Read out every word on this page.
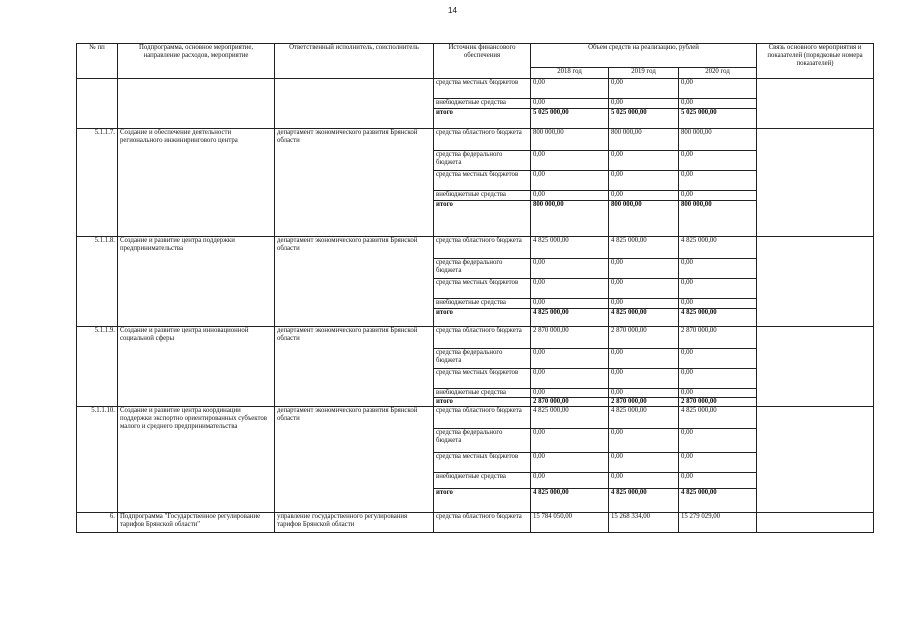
14
№ пп	Подпрограмма, основное мероприятие, направление расходов, мероприятие	Ответственный исполнитель, соисполнитель	Источник финансового обеспечения	Объем средств на реализацию, рублей			Связь основного мероприятия и показателей (порядковые номера показателей)
				2018 год	2019 год	2020 год	
			средства местных бюджетов	0,00	0,00	0,00	
			внебюджетные средства	0,00	0,00	0,00	
			итого	5 025 000,00	5 025 000,00	5 025 000,00	
5.1.1.7.	Создание и обеспечение деятельности регионального инжинирингового центра	департамент экономического развития Брянской области	средства областного бюджета	800 000,00	800 000,00	800 000,00	
			средства федерального бюджета	0,00	0,00	0,00	
			средства местных бюджетов	0,00	0,00	0,00	
			внебюджетные средства	0,00	0,00	0,00	
			итого	800 000,00	800 000,00	800 000,00	
5.1.1.8.	Создание и развитие центра поддержки предпринимательства	департамент экономического развития Брянской области	средства областного бюджета	4 825 000,00	4 825 000,00	4 825 000,00	
			средства федерального бюджета	0,00	0,00	0,00	
			средства местных бюджетов	0,00	0,00	0,00	
			внебюджетные средства	0,00	0,00	0,00	
			итого	4 825 000,00	4 825 000,00	4 825 000,00	
5.1.1.9.	Создание и развитие центра инновационной социальной сферы	департамент экономического развития Брянской области	средства областного бюджета	2 870 000,00	2 870 000,00	2 870 000,00	
			средства федерального бюджета	0,00	0,00	0,00	
			средства местных бюджетов	0,00	0,00	0,00	
			внебюджетные средства	0,00	0,00	0,00	
			итого	2 870 000,00	2 870 000,00	2 870 000,00	
5.1.1.10.	Создание и развитие центра координации поддержки экспортно ориентированных субъектов малого и среднего предпринимательства	департамент экономического развития Брянской области	средства областного бюджета	4 825 000,00	4 825 000,00	4 825 000,00	
			средства федерального бюджета	0,00	0,00	0,00	
			средства местных бюджетов	0,00	0,00	0,00	
			внебюджетные средства	0,00	0,00	0,00	
			итого	4 825 000,00	4 825 000,00	4 825 000,00	
6.	Подпрограмма "Государственное регулирование тарифов Брянской области"	управление государственного регулирования тарифов Брянской области	средства областного бюджета	15 784 050,00	15 268 334,00	15 279 029,00	
